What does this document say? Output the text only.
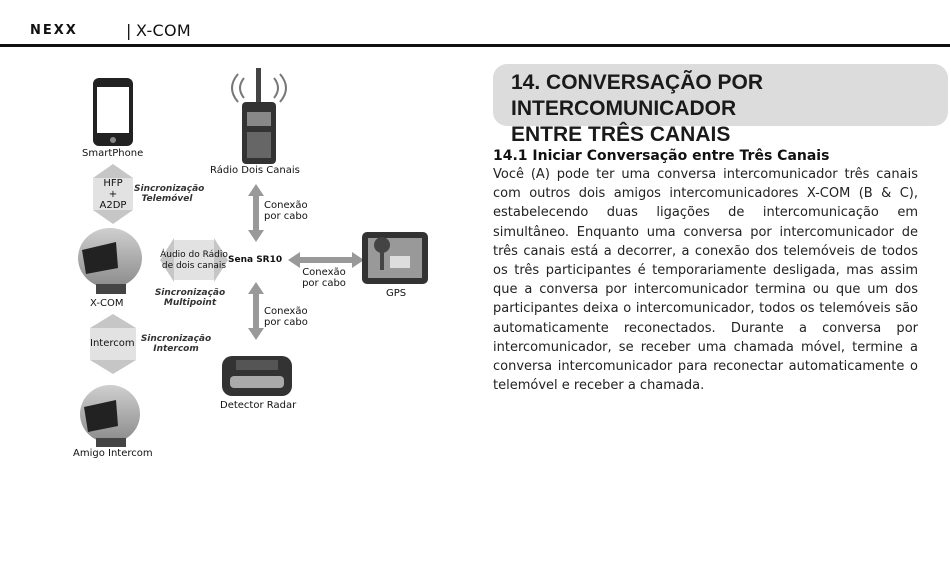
NEXX	| X-COM
SmartPhone
HFP
+
A2DP
Sincronização
Telemóvel
Rádio Dois Canais
Conexão
por cabo
Áudio do Rádio
de dois canais
Sena SR10
Conexão
por cabo
GPS
X-COM
Sincronização
Multipoint
Conexão
por cabo
Intercom Sincronização
Intercom
Detector Radar
Amigo Intercom
14. CONVERSAÇÃO POR INTERCOMUNICADOR
ENTRE TRÊS CANAIS
14.1 Iniciar Conversação entre Três Canais
Você (A) pode ter uma conversa intercomunicador três canais com outros dois amigos intercomunicadores X-COM (B & C), estabelecendo duas ligações de intercomunicação em simultâneo. Enquanto uma conversa por intercomunicador de três canais está a decorrer, a conexão dos telemóveis de todos os três participantes é temporariamente desligada, mas assim que a conversa por intercomunicador termina ou que um dos participantes deixa o intercomunicador, todos os telemóveis são automaticamente reconectados. Durante a conversa por intercomunicador, se receber uma chamada móvel, termine a conversa intercomunicador para reconectar automaticamente o telemóvel e receber a chamada.
